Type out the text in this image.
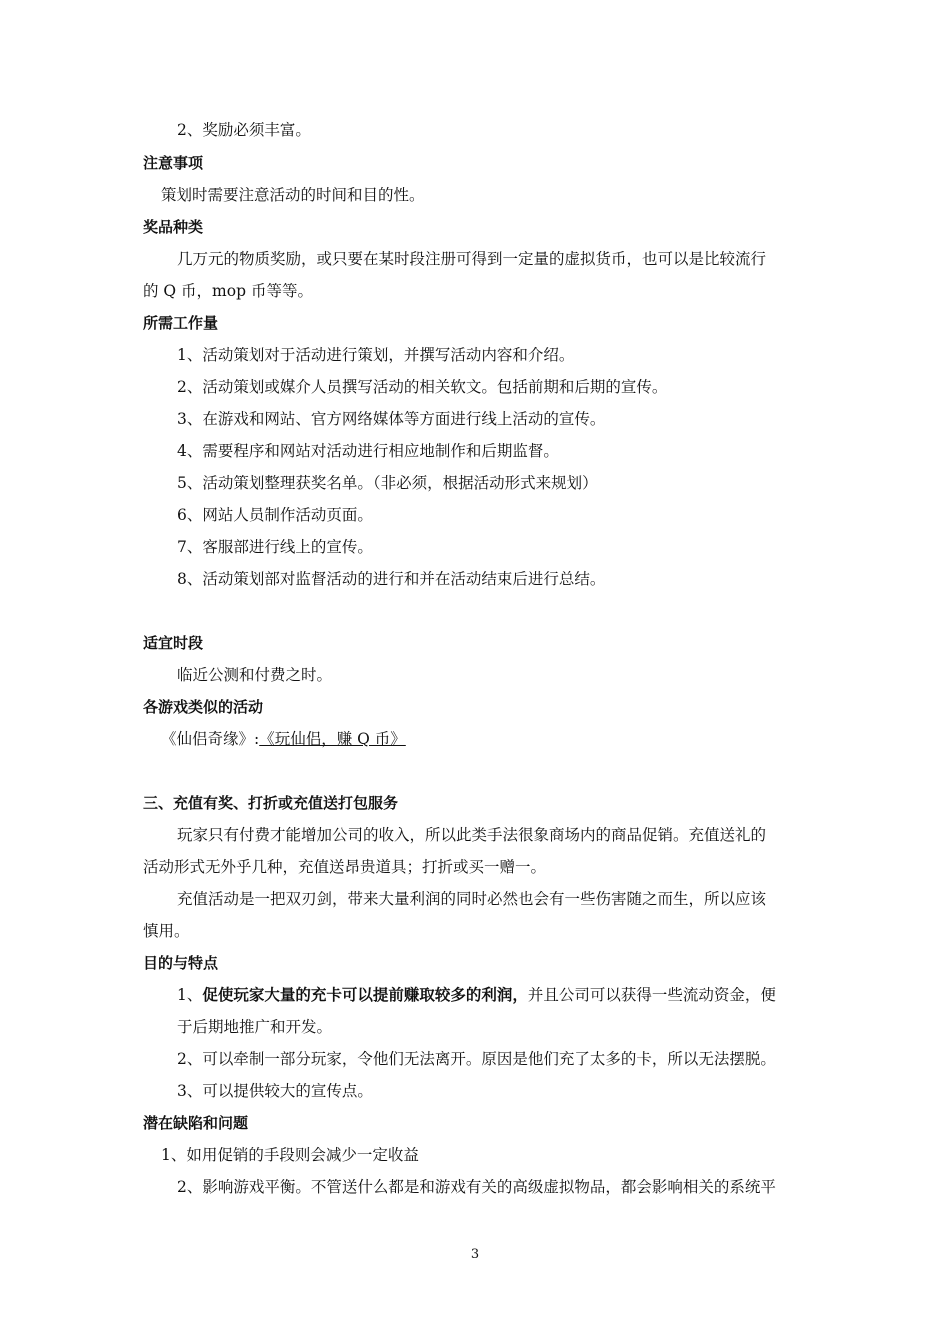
2、奖励必须丰富。
注意事项
策划时需要注意活动的时间和目的性。
奖品种类
几万元的物质奖励，或只要在某时段注册可得到一定量的虚拟货币，也可以是比较流行
的 Q 币，mop 币等等。
所需工作量
1、活动策划对于活动进行策划，并撰写活动内容和介绍。
2、活动策划或媒介人员撰写活动的相关软文。包括前期和后期的宣传。
3、在游戏和网站、官方网络媒体等方面进行线上活动的宣传。
4、需要程序和网站对活动进行相应地制作和后期监督。
5、活动策划整理获奖名单。（非必须，根据活动形式来规划）
6、网站人员制作活动页面。
7、客服部进行线上的宣传。
8、活动策划部对监督活动的进行和并在活动结束后进行总结。
适宜时段
临近公测和付费之时。
各游戏类似的活动
《仙侣奇缘》:《玩仙侣，赚 Q 币》
三、充值有奖、打折或充值送打包服务
玩家只有付费才能增加公司的收入，所以此类手法很象商场内的商品促销。充值送礼的
活动形式无外乎几种，充值送昂贵道具；打折或买一赠一。
充值活动是一把双刃剑，带来大量利润的同时必然也会有一些伤害随之而生，所以应该
慎用。
目的与特点
1、促使玩家大量的充卡可以提前赚取较多的利润，并且公司可以获得一些流动资金，便
于后期地推广和开发。
2、可以牵制一部分玩家，令他们无法离开。原因是他们充了太多的卡，所以无法摆脱。
3、可以提供较大的宣传点。
潜在缺陷和问题
1、如用促销的手段则会减少一定收益
2、影响游戏平衡。不管送什么都是和游戏有关的高级虚拟物品，都会影响相关的系统平
3
